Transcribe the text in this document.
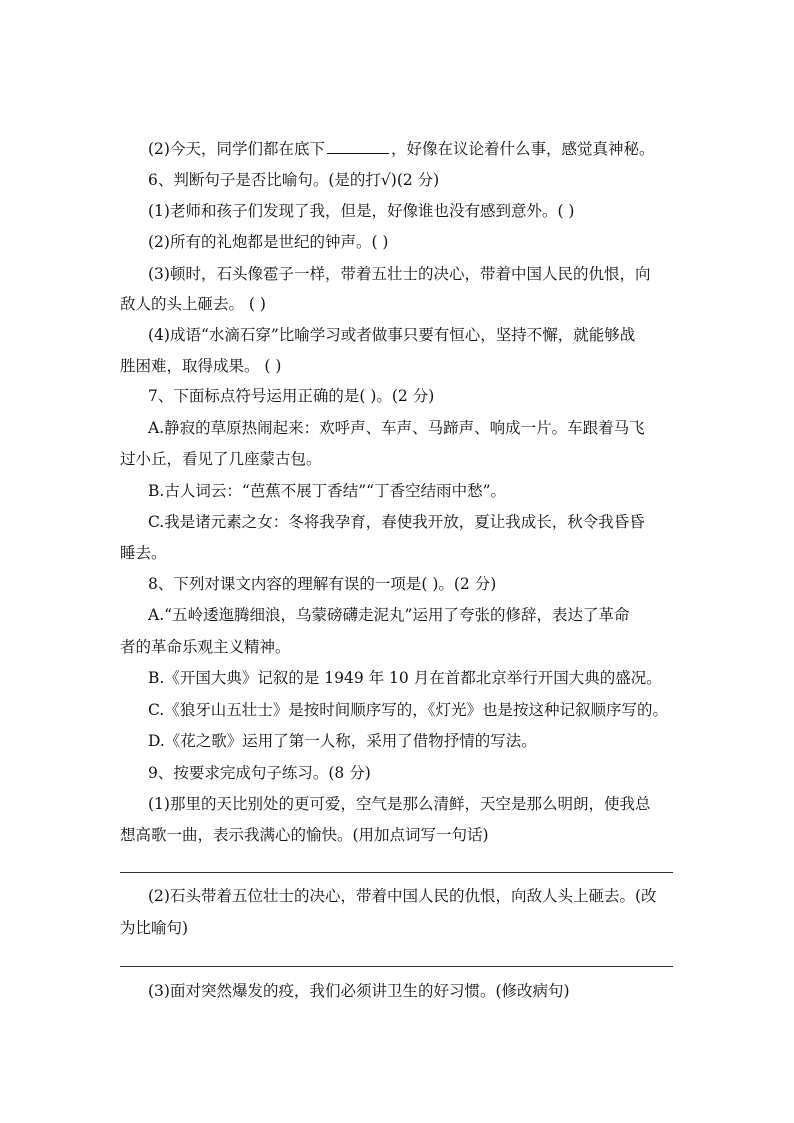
(2)今天，同学们都在底下	，好像在议论着什么事，感觉真神秘。
6、判断句子是否比喻句。(是的打√)(2 分)
(1)老师和孩子们发现了我，但是，好像谁也没有感到意外。( )
(2)所有的礼炮都是世纪的钟声。( )
(3)顿时，石头像雹子一样，带着五壮士的决心，带着中国人民的仇恨，向
敌人的头上砸去。 ( )
(4)成语“水滴石穿”比喻学习或者做事只要有恒心，坚持不懈，就能够战
胜困难，取得成果。 ( )
7、下面标点符号运用正确的是( )。(2 分)
A.静寂的草原热闹起来：欢呼声、车声、马蹄声、响成一片。车跟着马飞
过小丘，看见了几座蒙古包。
B.古人词云：“芭蕉不展丁香结”“丁香空结雨中愁”。
C.我是诸元素之女：冬将我孕育，春使我开放，夏让我成长，秋令我昏昏
睡去。
8、下列对课文内容的理解有误的一项是( )。(2 分)
A.“五岭逶迤腾细浪，乌蒙磅礴走泥丸”运用了夸张的修辞，表达了革命
者的革命乐观主义精神。
B.《开国大典》记叙的是 1949 年 10 月在首都北京举行开国大典的盛况。
C.《狼牙山五壮士》是按时间顺序写的，《灯光》也是按这种记叙顺序写的。
D.《花之歌》运用了第一人称，采用了借物抒情的写法。
9、按要求完成句子练习。(8 分)
(1)那里的天比别处的更可爱，空气是那么清鲜，天空是那么明朗，使我总
想高歌一曲，表示我满心的愉快。(用加点词写一句话)
(2)石头带着五位壮士的决心，带着中国人民的仇恨，向敌人头上砸去。(改
为比喻句)
(3)面对突然爆发的疫，我们必须讲卫生的好习惯。(修改病句)
